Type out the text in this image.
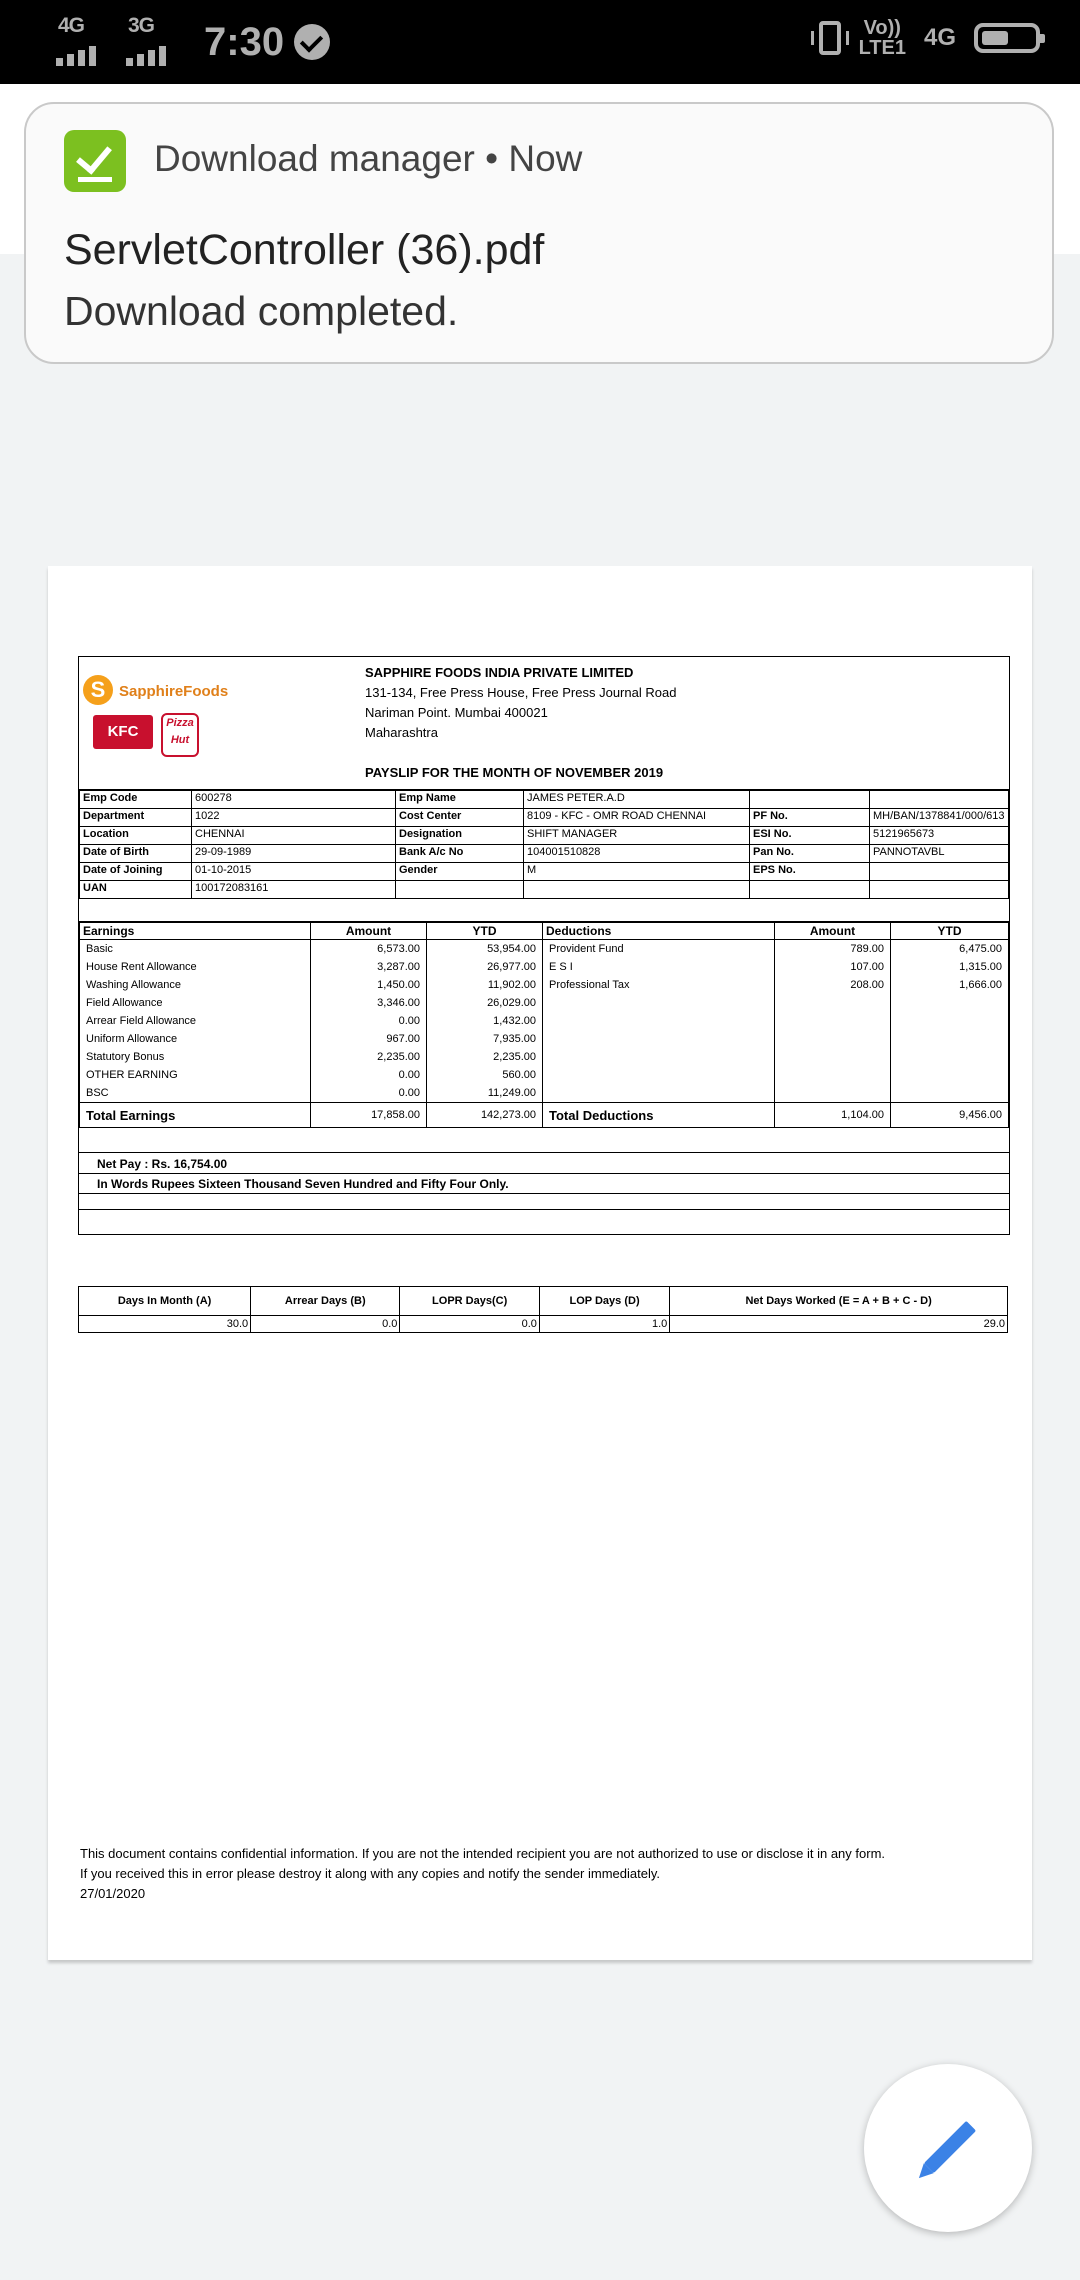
4G 3G 7:30	Vo))
LTE1 4G
Download manager • Now
ServletController (36).pdf
Download completed.
S SapphireFoods
KFC	Pizza Hut
SAPPHIRE FOODS INDIA PRIVATE LIMITED
131-134, Free Press House, Free Press Journal Road
Nariman Point. Mumbai 400021
Maharashtra
PAYSLIP FOR THE MONTH OF NOVEMBER 2019
Emp Code	600278	Emp Name	JAMES PETER.A.D		
Department	1022	Cost Center	8109 - KFC - OMR ROAD CHENNAI	PF No.	MH/BAN/1378841/000/613
Location	CHENNAI	Designation	SHIFT MANAGER	ESI No.	5121965673
Date of Birth	29-09-1989	Bank A/c No	104001510828	Pan No.	PANNOTAVBL
Date of Joining	01-10-2015	Gender	M	EPS No.	
UAN	100172083161				
Earnings	Amount	YTD	Deductions	Amount	YTD
Basic	6,573.00	53,954.00	Provident Fund	789.00	6,475.00
House Rent Allowance	3,287.00	26,977.00	E S I	107.00	1,315.00
Washing Allowance	1,450.00	11,902.00	Professional Tax	208.00	1,666.00
Field Allowance	3,346.00	26,029.00			
Arrear Field Allowance	0.00	1,432.00			
Uniform Allowance	967.00	7,935.00			
Statutory Bonus	2,235.00	2,235.00			
OTHER EARNING	0.00	560.00			
BSC	0.00	11,249.00			
Total Earnings	17,858.00	142,273.00	Total Deductions	1,104.00	9,456.00
Net Pay : Rs. 16,754.00
In Words Rupees Sixteen Thousand Seven Hundred and Fifty Four Only.
Days In Month (A)	Arrear Days (B)	LOPR Days(C)	LOP Days (D)	Net Days Worked (E = A + B + C - D)
30.0	0.0	0.0	1.0	29.0
This document contains confidential information. If you are not the intended recipient you are not authorized to use or disclose it in any form.
If you received this in error please destroy it along with any copies and notify the sender immediately.
27/01/2020
